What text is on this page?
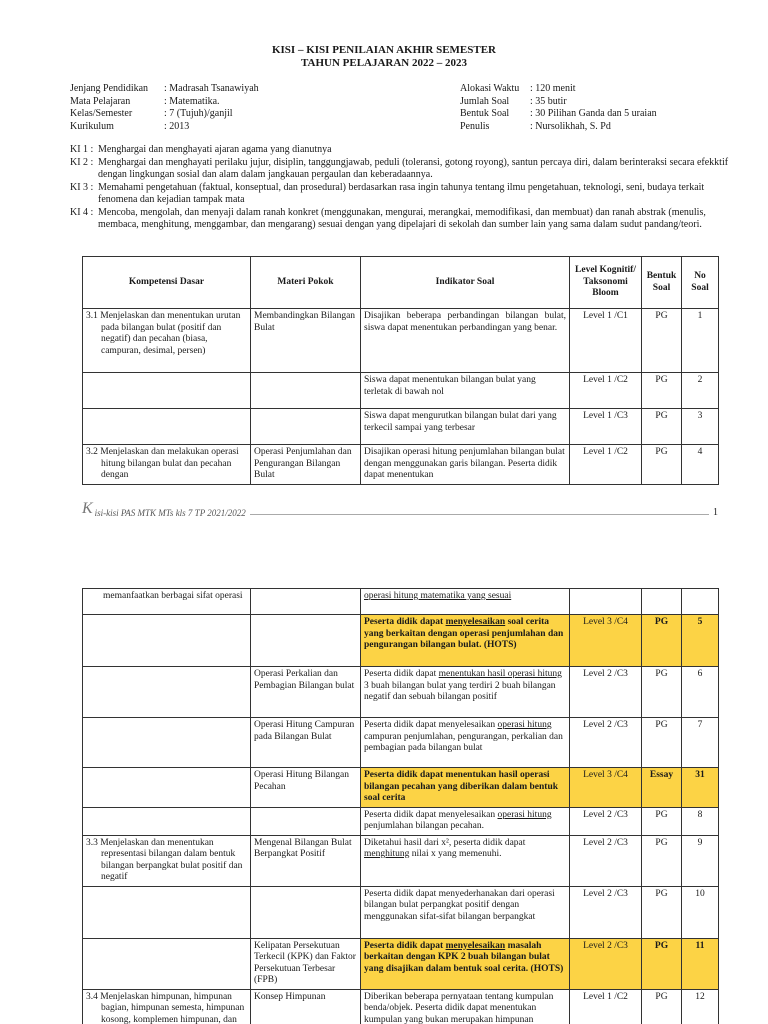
KISI – KISI PENILAIAN AKHIR SEMESTER
TAHUN PELAJARAN 2022 – 2023
Jenjang Pendidikan	: Madrasah Tsanawiyah
Mata Pelajaran	: Matematika.
Kelas/Semester	: 7 (Tujuh)/ganjil
Kurikulum	: 2013
Alokasi Waktu	: 120 menit
Jumlah Soal	: 35 butir
Bentuk Soal	: 30 Pilihan Ganda dan 5 uraian
Penulis	: Nursolikhah, S. Pd
KI 1 : Menghargai dan menghayati ajaran agama yang dianutnya
KI 2 : Menghargai dan menghayati perilaku jujur, disiplin, tanggungjawab, peduli (toleransi, gotong royong), santun percaya diri, dalam berinteraksi secara efekktif dengan lingkungan sosial dan alam dalam jangkauan pergaulan dan keberadaannya.
KI 3 : Memahami pengetahuan (faktual, konseptual, dan prosedural) berdasarkan rasa ingin tahunya tentang ilmu pengetahuan, teknologi, seni, budaya terkait fenomena dan kejadian tampak mata
KI 4 : Mencoba, mengolah, dan menyaji dalam ranah konkret (menggunakan, mengurai, merangkai, memodifikasi, dan membuat) dan ranah abstrak (menulis, membaca, menghitung, menggambar, dan mengarang) sesuai dengan yang dipelajari di sekolah dan sumber lain yang sama dalam sudut pandang/teori.
Kompetensi Dasar	Materi Pokok	Indikator Soal	Level Kognitif/ Taksonomi Bloom	Bentuk Soal	No Soal
3.1 Menjelaskan dan menentukan urutan pada bilangan bulat (positif dan negatif) dan pecahan (biasa, campuran, desimal, persen)	Membandingkan Bilangan Bulat	Disajikan beberapa perbandingan bilangan bulat, siswa dapat menentukan perbandingan yang benar.	Level 1 /C1	PG	1
		Siswa dapat menentukan bilangan bulat yang terletak di bawah nol	Level 1 /C2	PG	2
		Siswa dapat mengurutkan bilangan bulat dari yang terkecil sampai yang terbesar	Level 1 /C3	PG	3
3.2 Menjelaskan dan melakukan operasi hitung bilangan bulat dan pecahan dengan	Operasi Penjumlahan dan Pengurangan Bilangan Bulat	Disajikan operasi hitung penjumlahan bilangan bulat dengan menggunakan garis bilangan. Peserta didik dapat menentukan	Level 1 /C2	PG	4
K isi-kisi PAS MTK MTs kls 7 TP 2021/2022	1
memanfaatkan berbagai sifat operasi		operasi hitung matematika yang sesuai			
		Peserta didik dapat menyelesaikan soal cerita yang berkaitan dengan operasi penjumlahan dan pengurangan bilangan bulat. (HOTS)	Level 3 /C4	PG	5
	Operasi Perkalian dan Pembagian Bilangan bulat	Peserta didik dapat menentukan hasil operasi hitung 3 buah bilangan bulat yang terdiri 2 buah bilangan negatif dan sebuah bilangan positif	Level 2 /C3	PG	6
	Operasi Hitung Campuran pada Bilangan Bulat	Peserta didik dapat menyelesaikan operasi hitung campuran penjumlahan, pengurangan, perkalian dan pembagian pada bilangan bulat	Level 2 /C3	PG	7
	Operasi Hitung Bilangan Pecahan	Peserta didik dapat menentukan hasil operasi bilangan pecahan yang diberikan dalam bentuk soal cerita	Level 3 /C4	Essay	31
		Peserta didik dapat menyelesaikan operasi hitung penjumlahan bilangan pecahan.	Level 2 /C3	PG	8
3.3 Menjelaskan dan menentukan representasi bilangan dalam bentuk bilangan berpangkat bulat positif dan negatif	Mengenal Bilangan Bulat Berpangkat Positif	Diketahui hasil dari x², peserta didik dapat menghitung nilai x yang memenuhi.	Level 2 /C3	PG	9
		Peserta didik dapat menyederhanakan dari operasi bilangan bulat perpangkat positif dengan menggunakan sifat-sifat bilangan berpangkat	Level 2 /C3	PG	10
	Kelipatan Persekutuan Terkecil (KPK) dan Faktor Persekutuan Terbesar (FPB)	Peserta didik dapat menyelesaikan masalah berkaitan dengan KPK 2 buah bilangan bulat yang disajikan dalam bentuk soal cerita. (HOTS)	Level 2 /C3	PG	11
3.4 Menjelaskan himpunan, himpunan bagian, himpunan semesta, himpunan kosong, komplemen himpunan, dan	Konsep Himpunan	Diberikan beberapa pernyataan tentang kumpulan benda/objek. Peserta didik dapat menentukan kumpulan yang bukan merupakan himpunan	Level 1 /C2	PG	12
